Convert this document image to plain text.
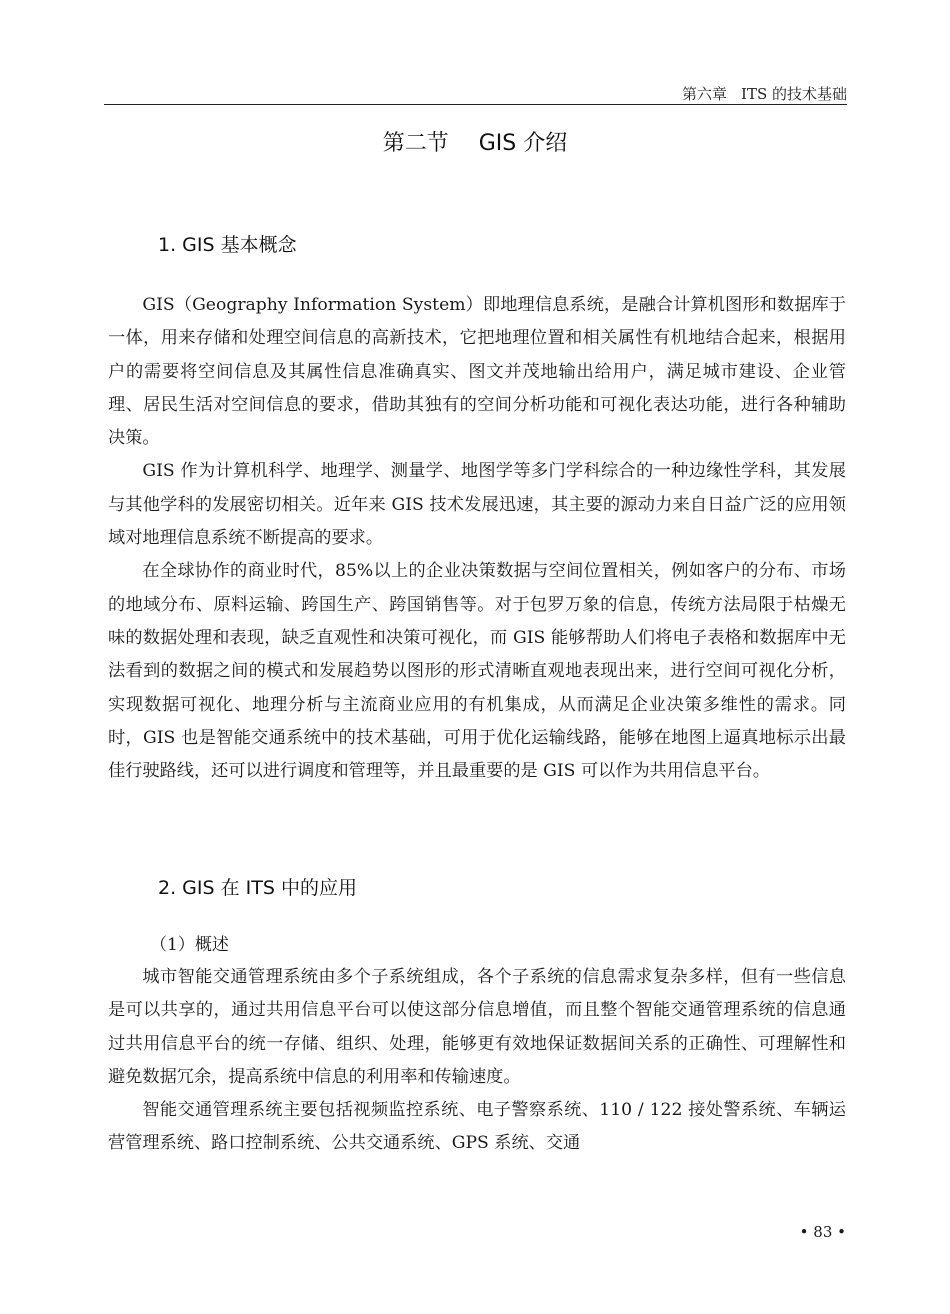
第六章 ITS 的技术基础
第二节 GIS 介绍
1. GIS 基本概念

GIS（Geography Information System）即地理信息系统，是融合计算机图形和数据库于一体，用来存储和处理空间信息的高新技术，它把地理位置和相关属性有机地结合起来，根据用户的需要将空间信息及其属性信息准确真实、图文并茂地输出给用户，满足城市建设、企业管理、居民生活对空间信息的要求，借助其独有的空间分析功能和可视化表达功能，进行各种辅助决策。

GIS 作为计算机科学、地理学、测量学、地图学等多门学科综合的一种边缘性学科，其发展与其他学科的发展密切相关。近年来 GIS 技术发展迅速，其主要的源动力来自日益广泛的应用领域对地理信息系统不断提高的要求。

在全球协作的商业时代，85%以上的企业决策数据与空间位置相关，例如客户的分布、市场的地域分布、原料运输、跨国生产、跨国销售等。对于包罗万象的信息，传统方法局限于枯燥无味的数据处理和表现，缺乏直观性和决策可视化，而 GIS 能够帮助人们将电子表格和数据库中无法看到的数据之间的模式和发展趋势以图形的形式清晰直观地表现出来，进行空间可视化分析，实现数据可视化、地理分析与主流商业应用的有机集成，从而满足企业决策多维性的需求。同时，GIS 也是智能交通系统中的技术基础，可用于优化运输线路，能够在地图上逼真地标示出最佳行驶路线，还可以进行调度和管理等，并且最重要的是 GIS 可以作为共用信息平台。

2. GIS 在 ITS 中的应用
（1）概述

城市智能交通管理系统由多个子系统组成，各个子系统的信息需求复杂多样，但有一些信息是可以共享的，通过共用信息平台可以使这部分信息增值，而且整个智能交通管理系统的信息通过共用信息平台的统一存储、组织、处理，能够更有效地保证数据间关系的正确性、可理解性和避免数据冗余，提高系统中信息的利用率和传输速度。

智能交通管理系统主要包括视频监控系统、电子警察系统、110 / 122 接处警系统、车辆运营管理系统、路口控制系统、公共交通系统、GPS 系统、交通

• 83 •
